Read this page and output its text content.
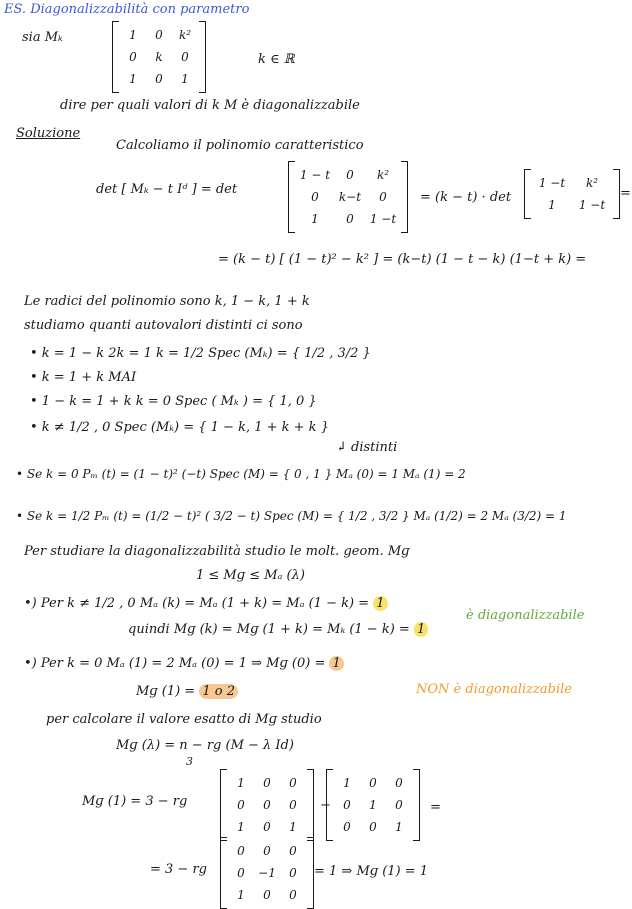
ES. Diagonalizzabilità con parametro
sia Mₖ	1	0	k²
0	k	0
1	0	1
k ∈ ℝ
dire per quali valori di k M è diagonalizzabile
Soluzione
Calcoliamo il polinomio caratteristico
det [ Mₖ − t Iᵈ ] = det
1 − t	0	k²
0	k−t	0
1	0	1 −t
= (k − t) · det
1 −t	k²
1	1 −t
=
= (k − t) [ (1 − t)² − k² ] = (k−t) (1 − t − k) (1−t + k) =
Le radici del polinomio sono k, 1 − k, 1 + k
studiamo quanti autovalori distinti ci sono
• k = 1 − k 2k = 1 k = 1/2 Spec (Mₖ) = { 1/2 , 3/2 }
• k = 1 + k MAI
• 1 − k = 1 + k k = 0 Spec ( Mₖ ) = { 1, 0 }
• k ≠ 1/2 , 0 Spec (Mₖ) = { 1 − k, 1 + k + k }
↲ distinti
• Se k = 0 Pₘ (t) = (1 − t)² (−t) Spec (M) = { 0 , 1 } Mₐ (0) = 1 Mₐ (1) = 2
• Se k = 1/2 Pₘ (t) = (1/2 − t)² ( 3/2 − t) Spec (M) = { 1/2 , 3/2 } Mₐ (1/2) = 2 Mₐ (3/2) = 1
Per studiare la diagonalizzabilità studio le molt. geom. Mɡ
1 ≤ Mɡ ≤ Mₐ (λ)
•) Per k ≠ 1/2 , 0 Mₐ (k) = Mₐ (1 + k) = Mₐ (1 − k) = 1
è diagonalizzabile
quindi Mɡ (k) = Mɡ (1 + k) = Mₖ (1 − k) = 1
•) Per k = 0 Mₐ (1) = 2 Mₐ (0) = 1 ⇒ Mɡ (0) = 1
Mɡ (1) = 1 o 2	NON è diagonalizzabile
per calcolare il valore esatto di Mɡ studio
Mɡ (λ) = n − rg (M − λ Id)
3
Mɡ (1) = 3 − rg
1	0	0
0	0	0
1	0	1
−
1	0	0
0	1	0
0	0	1
=
= 3 − rg
0	0	0
0	−1	0
1	0	0
= 1 ⇒ Mɡ (1) = 1
